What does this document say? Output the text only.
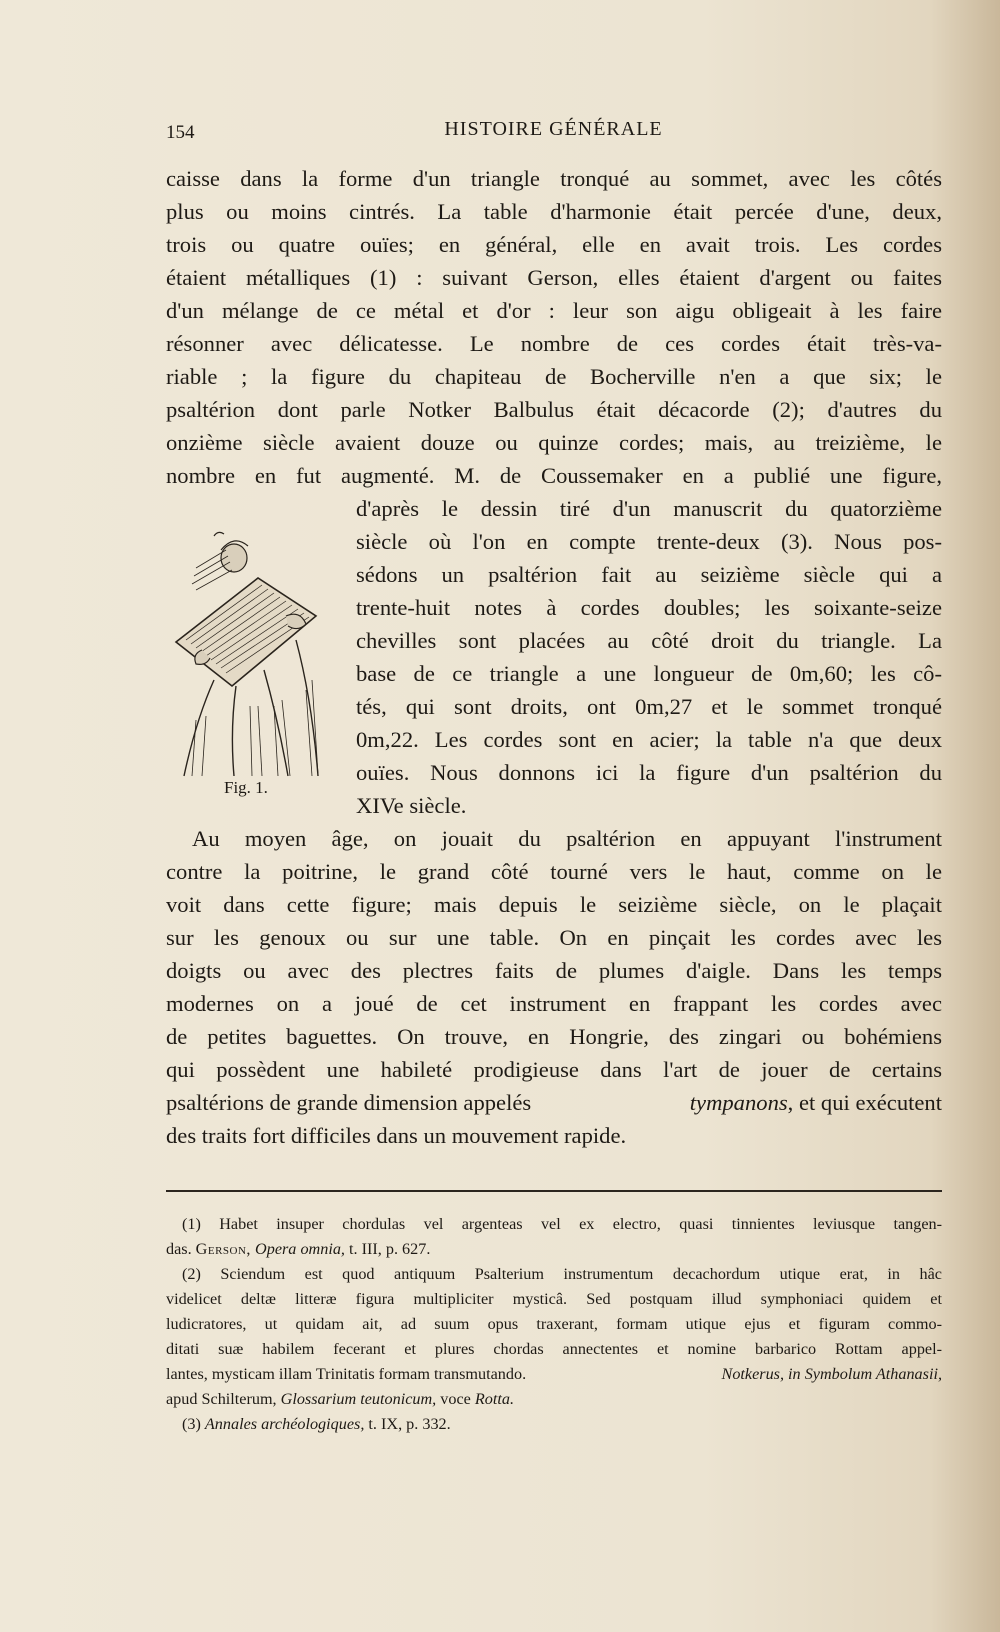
154	HISTOIRE GÉNÉRALE
caisse dans la forme d'un triangle tronqué au sommet, avec les côtés
plus ou moins cintrés. La table d'harmonie était percée d'une, deux,
trois ou quatre ouïes; en général, elle en avait trois. Les cordes
étaient métalliques (1) : suivant Gerson, elles étaient d'argent ou faites
d'un mélange de ce métal et d'or : leur son aigu obligeait à les faire
résonner avec délicatesse. Le nombre de ces cordes était très-va-
riable ; la figure du chapiteau de Bocherville n'en a que six; le
psaltérion dont parle Notker Balbulus était décacorde (2); d'autres du
onzième siècle avaient douze ou quinze cordes; mais, au treizième, le
nombre en fut augmenté. M. de Coussemaker en a publié une figure,
Fig. 1.
d'après le dessin tiré d'un manuscrit du quatorzième
siècle où l'on en compte trente-deux (3). Nous pos-
sédons un psaltérion fait au seizième siècle qui a
trente-huit notes à cordes doubles; les soixante-seize
chevilles sont placées au côté droit du triangle. La
base de ce triangle a une longueur de 0m,60; les cô-
tés, qui sont droits, ont 0m,27 et le sommet tronqué
0m,22. Les cordes sont en acier; la table n'a que deux
ouïes. Nous donnons ici la figure d'un psaltérion du
XIVe siècle.
Au moyen âge, on jouait du psaltérion en appuyant l'instrument
contre la poitrine, le grand côté tourné vers le haut, comme on le
voit dans cette figure; mais depuis le seizième siècle, on le plaçait
sur les genoux ou sur une table. On en pinçait les cordes avec les
doigts ou avec des plectres faits de plumes d'aigle. Dans les temps
modernes on a joué de cet instrument en frappant les cordes avec
de petites baguettes. On trouve, en Hongrie, des zingari ou bohémiens
qui possèdent une habileté prodigieuse dans l'art de jouer de certains
psaltérions de grande dimension appelés	tympanons, et qui exécutent
des traits fort difficiles dans un mouvement rapide.
(1) Habet insuper chordulas vel argenteas vel ex electro, quasi tinnientes leviusque tangen-
das. Gerson, Opera omnia, t. III, p. 627.
(2) Sciendum est quod antiquum Psalterium instrumentum decachordum utique erat, in hâc
videlicet deltæ litteræ figura multipliciter mysticâ. Sed postquam illud symphoniaci quidem et
ludicratores, ut quidam ait, ad suum opus traxerant, formam utique ejus et figuram commo-
ditati suæ habilem fecerant et plures chordas annectentes et nomine barbarico Rottam appel-
lantes, mysticam illam Trinitatis formam transmutando.	Notkerus, in Symbolum Athanasii,
apud Schilterum, Glossarium teutonicum, voce Rotta.
(3) Annales archéologiques, t. IX, p. 332.
